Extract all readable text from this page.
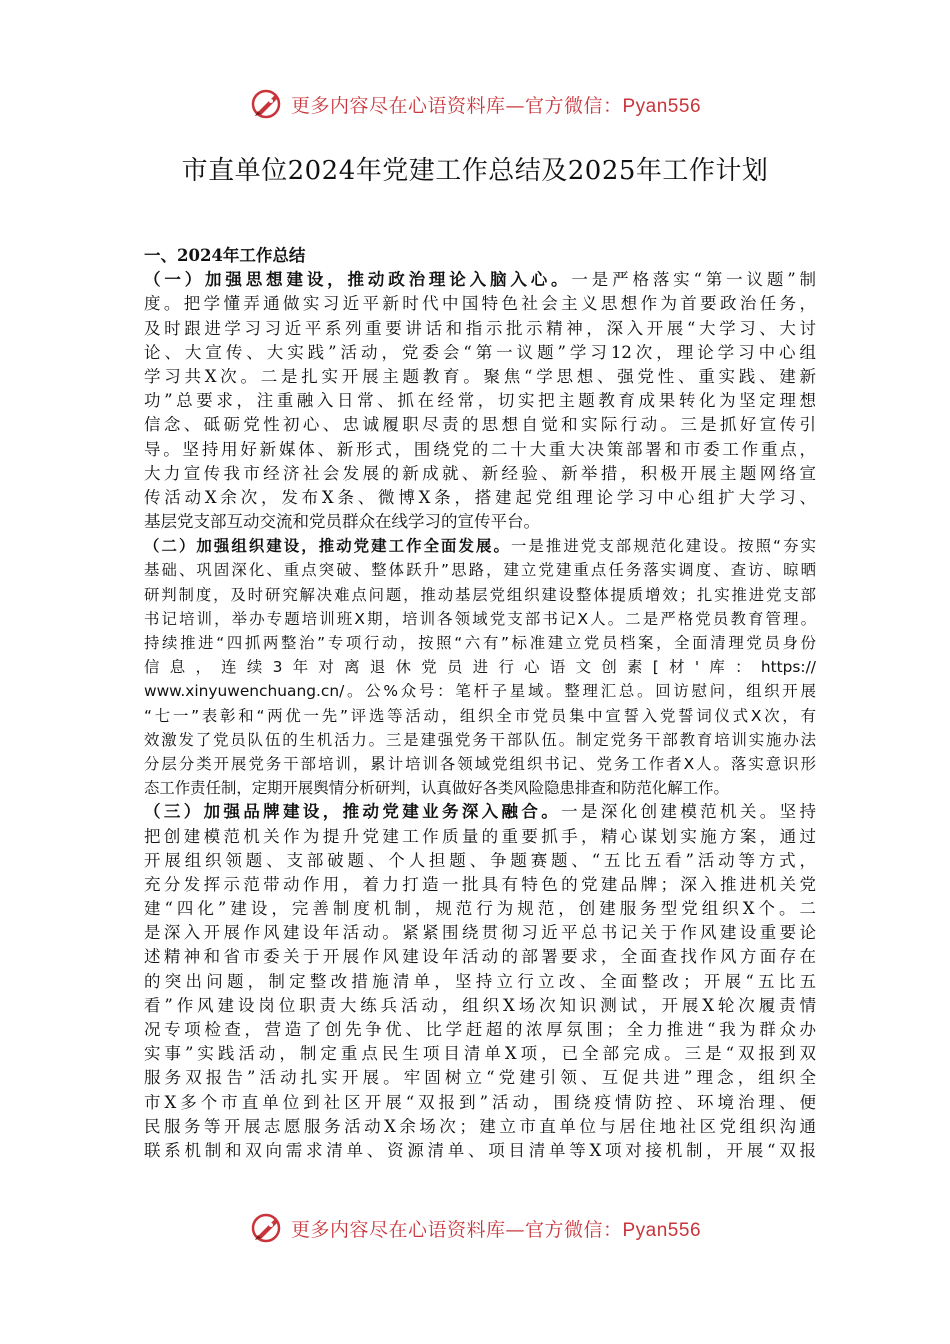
更多内容尽在心语资料库—官方微信：Pyan556
市直单位2024年党建工作总结及2025年工作计划
一、2024年工作总结
（一）加强思想建设，推动政治理论入脑入心。一是严格落实“第一议题”制
度。把学懂弄通做实习近平新时代中国特色社会主义思想作为首要政治任务，
及时跟进学习习近平系列重要讲话和指示批示精神，深入开展“大学习、大讨
论、大宣传、大实践”活动，党委会“第一议题”学习12次，理论学习中心组
学习共X次。二是扎实开展主题教育。聚焦“学思想、强党性、重实践、建新
功”总要求，注重融入日常、抓在经常，切实把主题教育成果转化为坚定理想
信念、砥砺党性初心、忠诚履职尽责的思想自觉和实际行动。三是抓好宣传引
导。坚持用好新媒体、新形式，围绕党的二十大重大决策部署和市委工作重点，
大力宣传我市经济社会发展的新成就、新经验、新举措，积极开展主题网络宣
传活动X余次，发布X条、微博X条，搭建起党组理论学习中心组扩大学习、
基层党支部互动交流和党员群众在线学习的宣传平台。
（二）加强组织建设，推动党建工作全面发展。一是推进党支部规范化建设。按照“夯实
基础、巩固深化、重点突破、整体跃升”思路，建立党建重点任务落实调度、查访、晾晒
研判制度，及时研究解决难点问题，推动基层党组织建设整体提质增效；扎实推进党支部
书记培训，举办专题培训班X期，培训各领域党支部书记X人。二是严格党员教育管理。
持续推进“四抓两整治”专项行动，按照“六有”标准建立党员档案，全面清理党员身份
信息，连续3年对离退休党员进行心语文创素[材'库：https://
www.xinyuwenchuang.cn/。公%众号：笔杆子星域。整理汇总。回访慰问，组织开展
“七一”表彰和“两优一先”评选等活动，组织全市党员集中宣誓入党誓词仪式X次，有
效激发了党员队伍的生机活力。三是建强党务干部队伍。制定党务干部教育培训实施办法
分层分类开展党务干部培训，累计培训各领域党组织书记、党务工作者X人。落实意识形
态工作责任制，定期开展舆情分析研判，认真做好各类风险隐患排查和防范化解工作。
（三）加强品牌建设，推动党建业务深入融合。一是深化创建模范机关。坚持
把创建模范机关作为提升党建工作质量的重要抓手，精心谋划实施方案，通过
开展组织领题、支部破题、个人担题、争题赛题、“五比五看”活动等方式，
充分发挥示范带动作用，着力打造一批具有特色的党建品牌；深入推进机关党
建“四化”建设，完善制度机制，规范行为规范，创建服务型党组织X个。二
是深入开展作风建设年活动。紧紧围绕贯彻习近平总书记关于作风建设重要论
述精神和省市委关于开展作风建设年活动的部署要求，全面查找作风方面存在
的突出问题，制定整改措施清单，坚持立行立改、全面整改；开展“五比五
看”作风建设岗位职责大练兵活动，组织X场次知识测试，开展X轮次履责情
况专项检查，营造了创先争优、比学赶超的浓厚氛围；全力推进“我为群众办
实事”实践活动，制定重点民生项目清单X项，已全部完成。三是“双报到双
服务双报告”活动扎实开展。牢固树立“党建引领、互促共进”理念，组织全
市X多个市直单位到社区开展“双报到”活动，围绕疫情防控、环境治理、便
民服务等开展志愿服务活动X余场次；建立市直单位与居住地社区党组织沟通
联系机制和双向需求清单、资源清单、项目清单等X项对接机制，开展“双报
更多内容尽在心语资料库—官方微信：Pyan556
